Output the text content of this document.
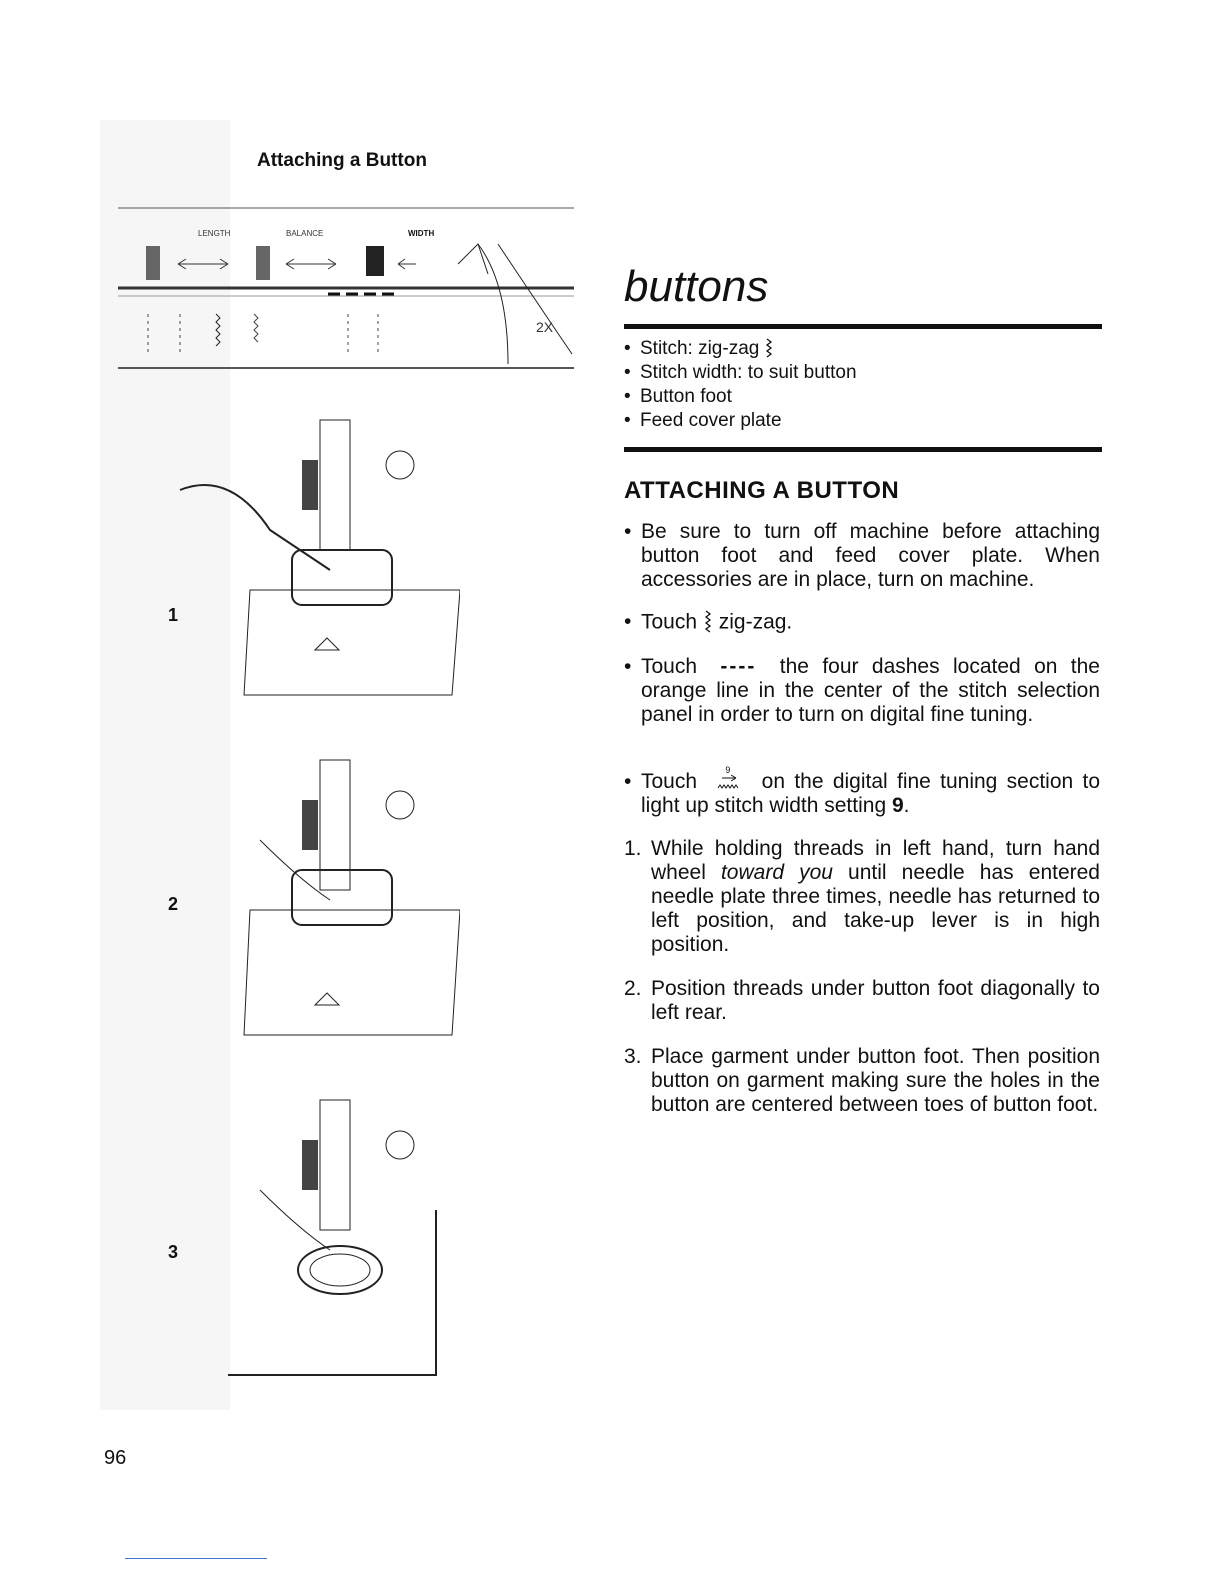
Attaching a Button
LENGTH	BALANCE	WIDTH
2X
1
2
3
buttons
• Stitch: zig-zag
• Stitch width: to suit button
• Button foot
• Feed cover plate
ATTACHING A BUTTON
• Be sure to turn off machine before attaching button foot and feed cover plate. When accessories are in place, turn on machine.
• Touch zig-zag.
• Touch ---- the four dashes located on the orange line in the center of the stitch selection panel in order to turn on digital fine tuning.
• Touch	9 on the digital fine tuning section to light up stitch width setting 9.
1. While holding threads in left hand, turn hand wheel toward you until needle has entered needle plate three times, needle has returned to left position, and take-up lever is in high position.
2. Position threads under button foot diagonally to left rear.
3. Place garment under button foot. Then position button on garment making sure the holes in the button are centered between toes of button foot.
96
